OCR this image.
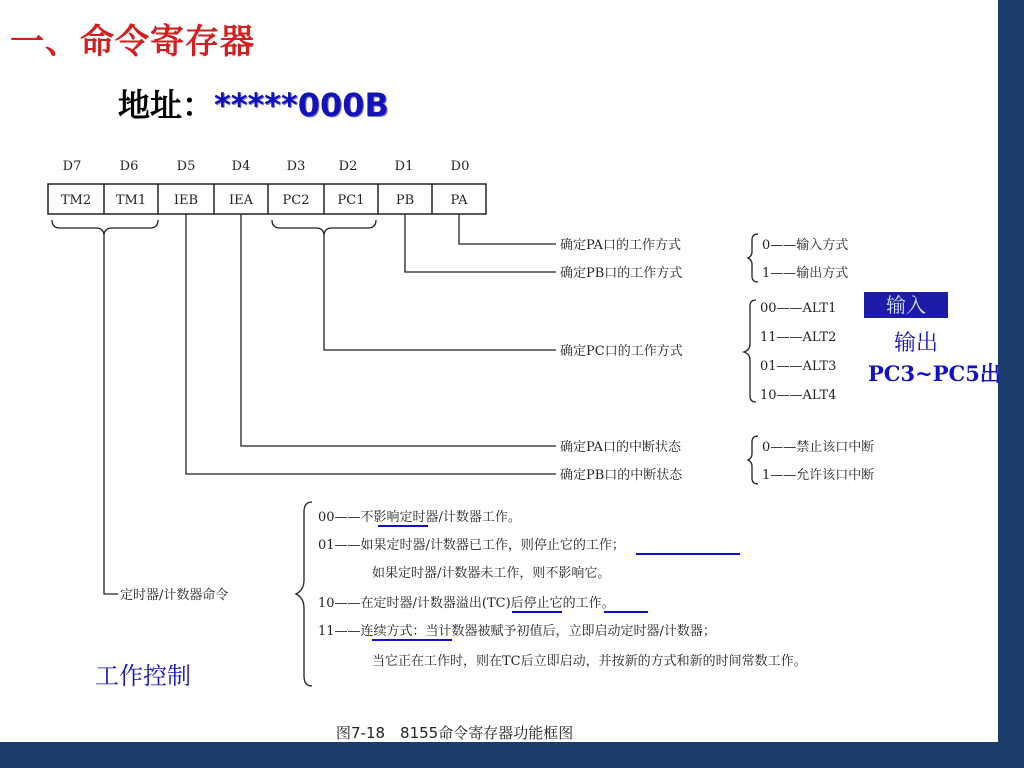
一、命令寄存器
地址：*****000B
D7	D6	D5	D4	D3	D2	D1	D0
TM2 TM1 IEB IEA PC2 PC1 PB	PA
确定PA口的工作方式
确定PB口的工作方式
确定PC口的工作方式
确定PA口的中断状态
确定PB口的中断状态
定时器/计数器命令
0——输入方式
1——输出方式
00——ALT1
11——ALT2
01——ALT3
10——ALT4
0——禁止该口中断
1——允许该口中断
00——不影响定时器/计数器工作。
01——如果定时器/计数器已工作，则停止它的工作；
如果定时器/计数器未工作，则不影响它。
10——在定时器/计数器溢出(TC)后停止它的工作。
11——连续方式：当计数器被赋予初值后，立即启动定时器/计数器；
当它正在工作时，则在TC后立即启动，并按新的方式和新的时间常数工作。
输入
输出
PC3~PC5出
工作控制
图7-18　8155命令寄存器功能框图
